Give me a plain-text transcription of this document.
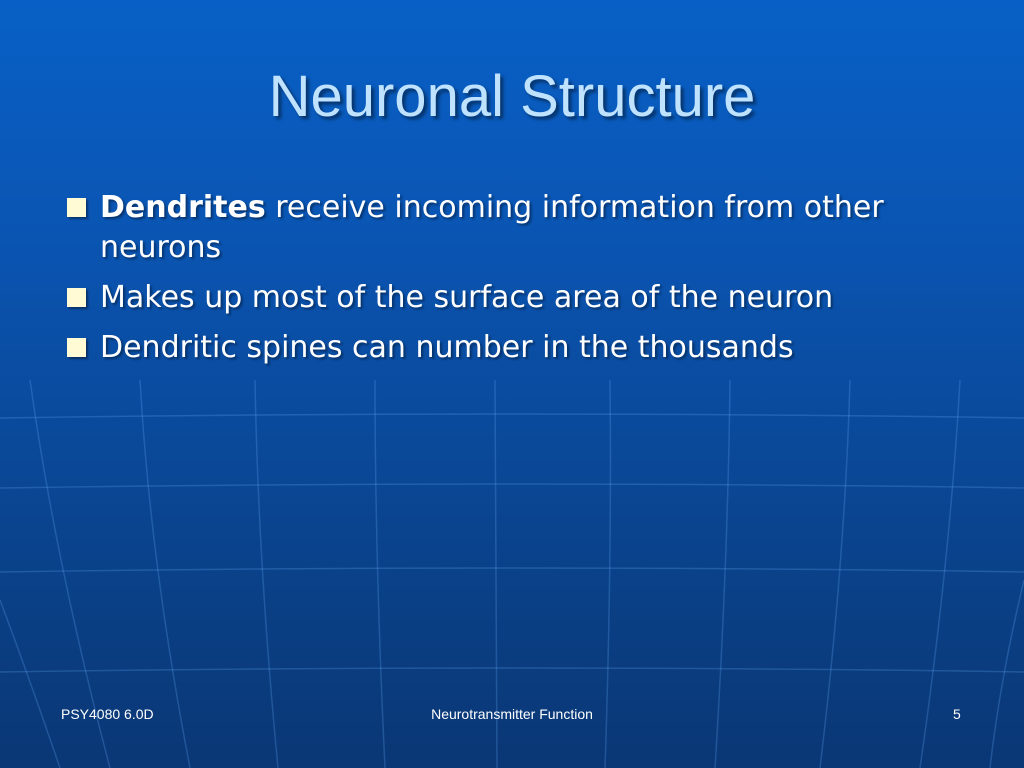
Neuronal Structure
Dendrites receive incoming information from other neurons
Makes up most of the surface area of the neuron
Dendritic spines can number in the thousands
PSY4080 6.0D	Neurotransmitter Function	5
